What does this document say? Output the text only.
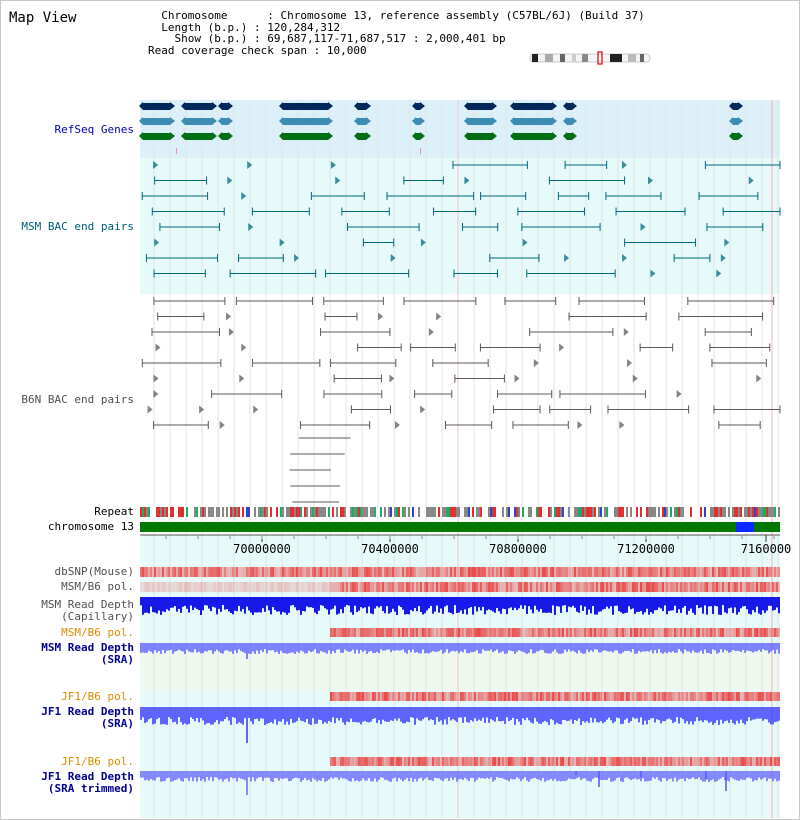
Map View	Chromosome      : Chromosome 13, reference assembly (C57BL/6J) (Build 37)
Length (b.p.) : 120,284,312
Show (b.p.) : 69,687,117-71,687,517 : 2,000,401 bp
Read coverage check span : 10,000
70000000	70400000	70800000	71200000	7160000
RefSeq Genes
MSM BAC end pairs
B6N BAC end pairs
Repeat
chromosome 13
dbSNP(Mouse)
MSM/B6 pol.
MSM Read Depth
(Capillary)
MSM/B6 pol.
MSM Read Depth
(SRA)
JF1/B6 pol.
JF1 Read Depth
(SRA)
JF1/B6 pol.
JF1 Read Depth
(SRA trimmed)
